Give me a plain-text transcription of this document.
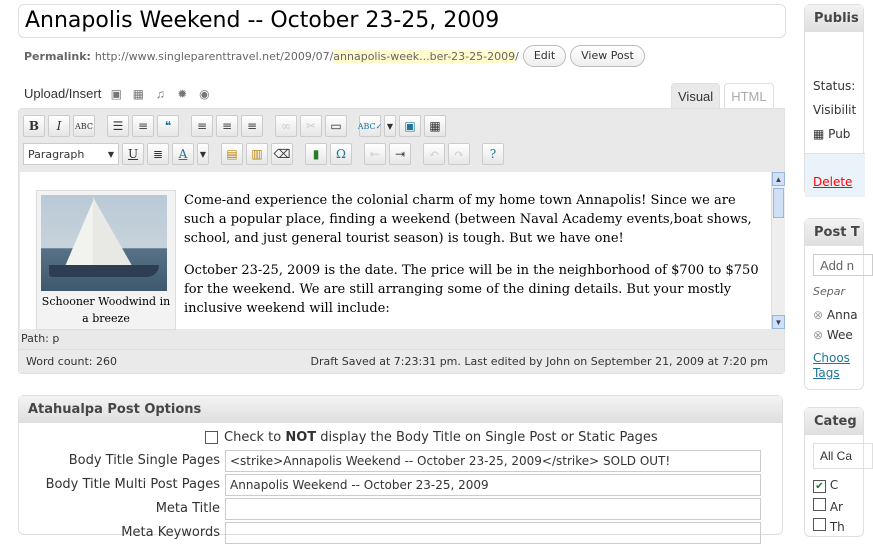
Annapolis Weekend -- October 23-25, 2009
Permalink: http://www.singleparenttravel.net/2009/07/ annapolis-week...ber-23-25-2009 /	Edit	View Post
Upload/Insert ▣ ▦ ♫ ✹ ◉	Visual	HTML
B I ABC	☰	≡	❝	≡	≡	≡	∞	✂	▭	ABC✓ ▼ ▣	▦
Paragraph	▼ U	≣	A	▼	▤	▥ ⌫	▮	Ω	⇤	⇥	↶	↷	?
Schooner Woodwind in a breeze
Come-and experience the colonial charm of my home town Annapolis! Since we are such a popular place, finding a weekend (between Naval Academy events,boat shows, school, and just general tourist season) is tough. But we have one!
October 23-25, 2009 is the date. The price will be in the neighborhood of $700 to $750 for the weekend. We are still arranging some of the dining details. But your mostly inclusive weekend will include:
▲
▼
Path: p
Word count: 260	Draft Saved at 7:23:31 pm. Last edited by John on September 21, 2009 at 7:20 pm
Atahualpa Post Options
Check to NOT display the Body Title on Single Post or Static Pages
Body Title Single Pages <strike>Annapolis Weekend -- October 23-25, 2009</strike> SOLD OUT!
Body Title Multi Post Pages Annapolis Weekend -- October 23-25, 2009
Meta Title
Meta Keywords
Publis
Status:
Visibilit
▦ Pub
Delete
Post T
Add n
Separ
⊗ Anna
⊗ Wee
Choos
Tags
Categ
All Ca
✔ C
Ar
Th
